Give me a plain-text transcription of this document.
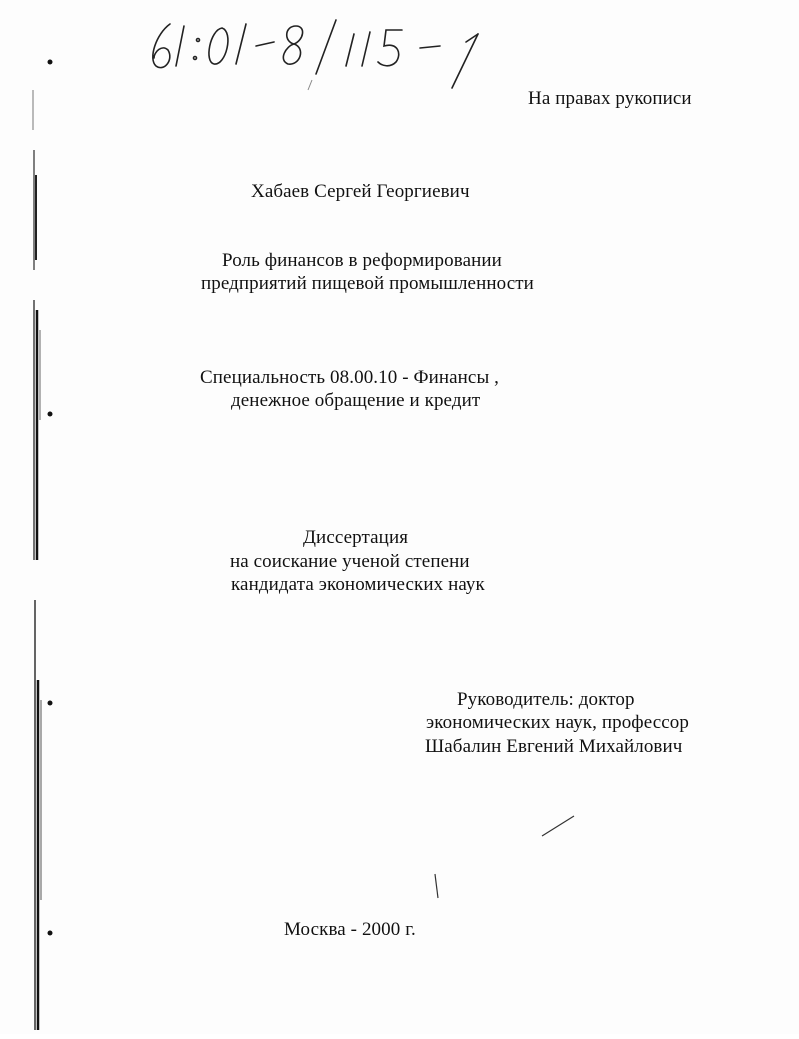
На правах рукописи
Хабаев Сергей Георгиевич
Роль финансов в реформировании
предприятий пищевой промышленности
Специальность 08.00.10 - Финансы ,
денежное обращение и кредит
Диссертация
на соискание ученой степени
кандидата экономических наук
Руководитель: доктор
экономических наук, профессор
Шабалин Евгений Михайлович
Москва - 2000 г.
